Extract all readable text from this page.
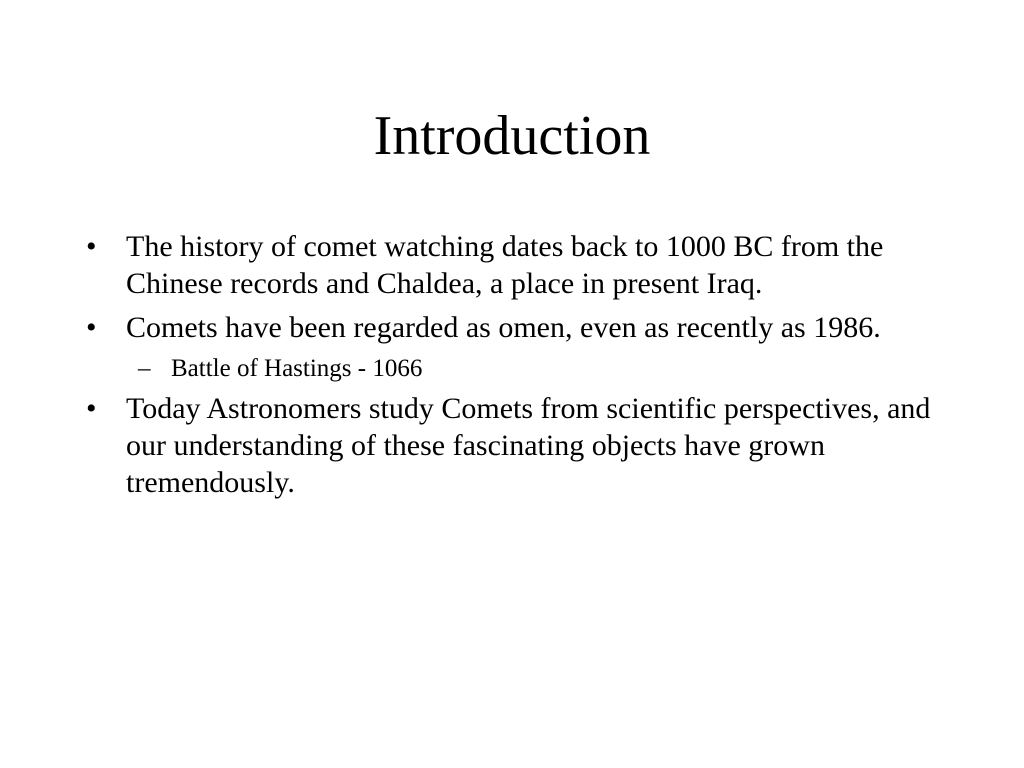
Introduction
• The history of comet watching dates back to 1000 BC from the Chinese records and Chaldea, a place in present Iraq.
• Comets have been regarded as omen, even as recently as 1986.
– Battle of Hastings - 1066
• Today Astronomers study Comets from scientific perspectives, and our understanding of these fascinating objects have grown tremendously.
